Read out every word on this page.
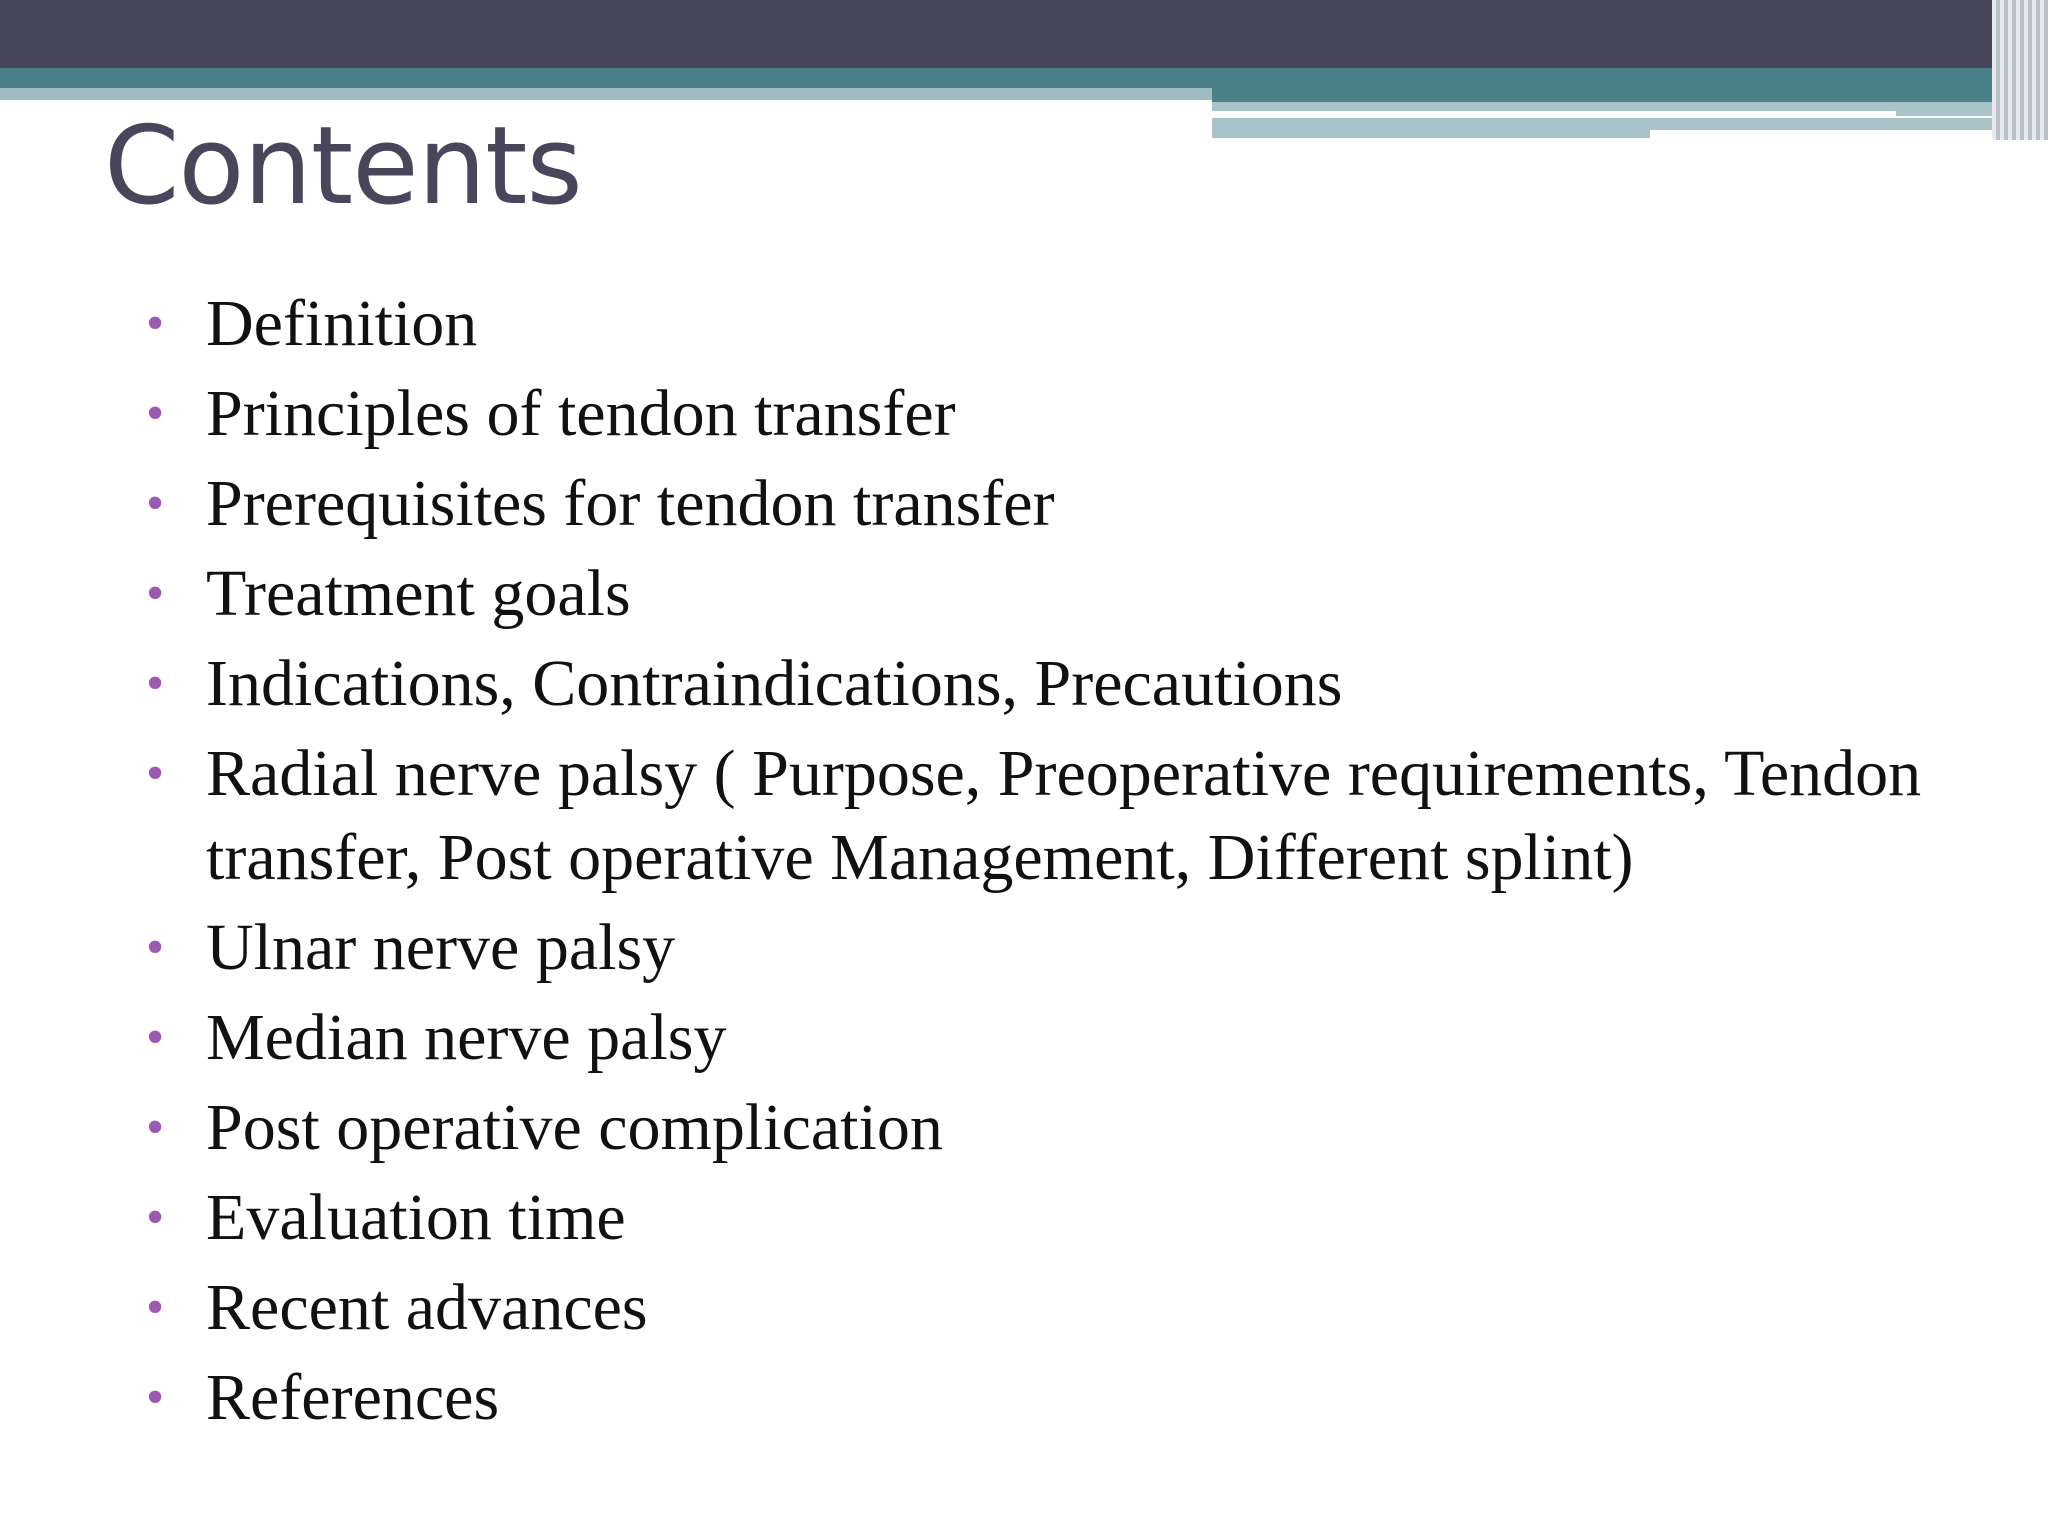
Contents
• Definition
• Principles of tendon transfer
• Prerequisites for tendon transfer
• Treatment goals
• Indications, Contraindications, Precautions
• Radial nerve palsy ( Purpose, Preoperative requirements, Tendon transfer, Post operative Management, Different splint)
• Ulnar nerve palsy
• Median nerve palsy
• Post operative complication
• Evaluation time
• Recent advances
• References
